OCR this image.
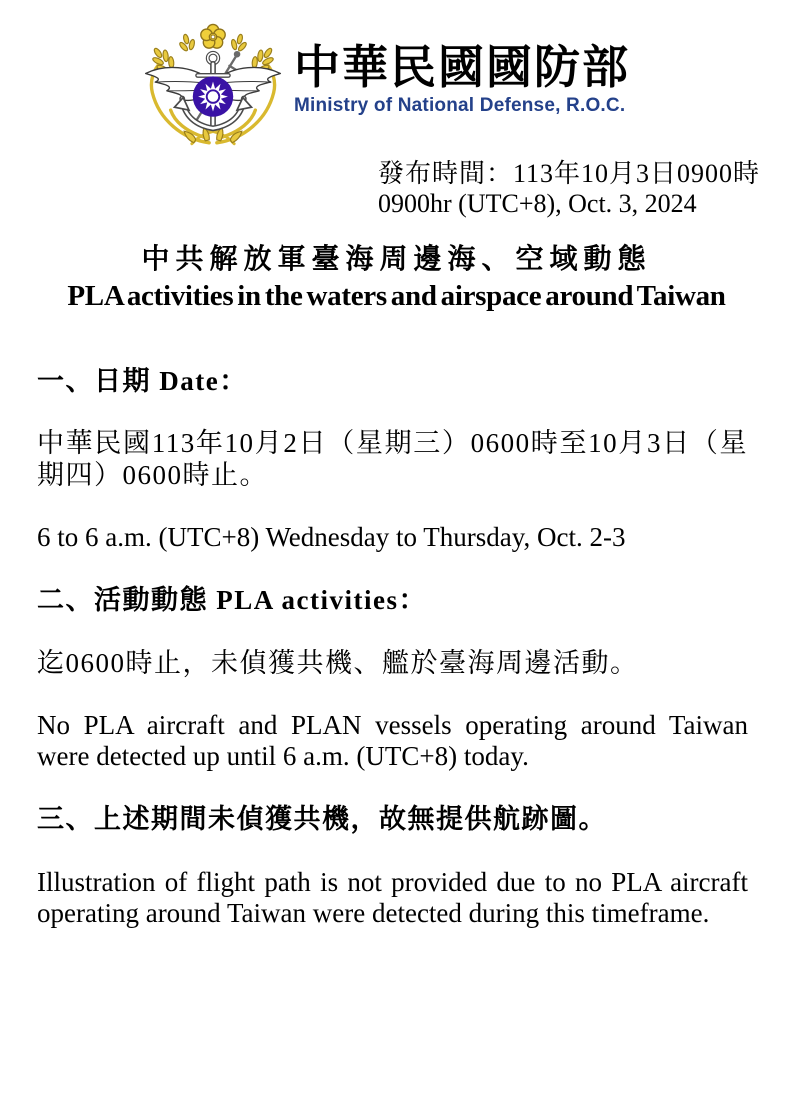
中華民國國防部
Ministry of National Defense, R.O.C.
發布時間：113年10月3日0900時
0900hr (UTC+8), Oct. 3, 2024
中共解放軍臺海周邊海、空域動態
PLA activities in the waters and airspace around Taiwan
一、日期 Date：
中華民國113年10月2日（星期三）0600時至10月3日（星期四）0600時止。
6 to 6 a.m. (UTC+8) Wednesday to Thursday, Oct. 2-3
二、活動動態 PLA activities：
迄0600時止，未偵獲共機、艦於臺海周邊活動。
No PLA aircraft and PLAN vessels operating around Taiwan were detected up until 6 a.m. (UTC+8) today.
三、上述期間未偵獲共機，故無提供航跡圖。
Illustration of flight path is not provided due to no PLA aircraft operating around Taiwan were detected during this timeframe.
